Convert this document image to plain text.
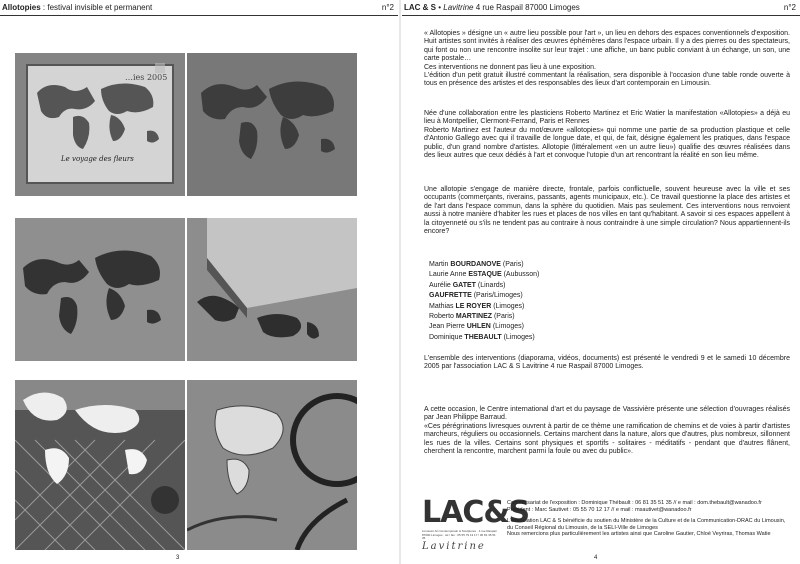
Allotopies : festival invisible et permanent	n°2
…ies 2005
Le voyage des fleurs
3
LAC & S • Lavitrine 4 rue Raspail 87000 Limoges	n°2

« Allotopies » désigne un « autre lieu possible pour l'art », un lieu en dehors des espaces conventionnels d'exposition. Huit artistes sont invités à réaliser des œuvres éphémères dans l'espace urbain. Il y a des pierres ou des spectateurs, qui font ou non une rencontre insolite sur leur trajet : une affiche, un banc public conviant à un échange, un son, une carte postale…

Ces interventions ne donnent pas lieu à une exposition.

L'édition d'un petit gratuit illustré commentant la réalisation, sera disponible à l'occasion d'une table ronde ouverte à tous en présence des artistes et des responsables des lieux d'art contemporain en Limousin.

Née d'une collaboration entre les plasticiens Roberto Martinez et Eric Watier la manifestation «Allotopies» a déjà eu lieu à Montpellier, Clermont-Ferrand, Paris et Rennes

Roberto Martinez est l'auteur du mot/œuvre «allotopies» qui nomme une partie de sa production plastique et celle d'Antonio Gallego avec qui il travaille de longue date, et qui, de fait, désigne également les pratiques, dans l'espace public, d'un grand nombre d'artistes. Allotopie (littéralement «en un autre lieu») qualifie des œuvres réalisées dans des lieux autres que ceux dédiés à l'art et convoque l'utopie d'un art rencontrant la réalité en son lieu même.

Une allotopie s'engage de manière directe, frontale, parfois conflictuelle, souvent heureuse avec la ville et ses occupants (commerçants, riverains, passants, agents municipaux, etc.). Ce travail questionne la place des artistes et de l'art dans l'espace commun, dans la sphère du quotidien. Mais pas seulement. Ces interventions nous renvoient aussi à notre manière d'habiter les rues et places de nos villes en tant qu'habitant. A savoir si ces espaces appellent à la citoyenneté ou s'ils ne tendent pas au contraire à nous contraindre à une simple circulation? Nous appartiennent-ils encore?

Martin BOURDANOVE (Paris)
Laurie Anne ESTAQUE (Aubusson)
Aurélie GATET (Linards)
GAUFRETTE (Paris/Limoges)
Mathias LE ROYER (Limoges)
Roberto MARTINEZ (Paris)
Jean Pierre UHLEN (Limoges)
Dominique THEBAULT (Limoges)

L'ensemble des interventions (diaporama, vidéos, documents) est présenté le vendredi 9 et le samedi 10 décembre 2005 par l'association LAC & S Lavitrine 4 rue Raspail 87000 Limoges.

A cette occasion, le Centre international d'art et du paysage de Vassivière présente une sélection d'ouvrages réalisés par Jean Philippe Barraud.

«Ces pérégrinations livresques ouvrent à partir de ce thème une ramification de chemins et de voies à partir d'artistes marcheurs, réguliers ou occasionnels. Certains marchent dans la nature, alors que d'autres, plus nombreux, sillonnent les rues de la villes. Certains sont physiques et sportifs - solitaires - méditatifs - pendant que d'autres flânent, cherchent la rencontre, marchent parmi la foule ou avec du public».

LAC&S
Limousin Art Contemporain & Sculptures · 4 rue Raspail 87000 Limoges · tel / fax : 05 55 79 13 17 / 06 81 35 51 35
Lavitrine
Commissariat de l'exposition : Dominique Thébault : 06 81 35 51 35 // e mail : dom.thebault@wanadoo.fr
Président : Marc Sautivet : 05 55 70 12 17 // e mail : msautivet@wanadoo.fr
L'association LAC & S bénéficie du soutien du Ministère de la Culture et de la Communication-DRAC du Limousin, du Conseil Régional du Limousin, de la SELI-Ville de Limoges
Nous remercions plus particulièrement les artistes ainsi que Caroline Gautier, Chloé Veyriras, Thomas Watie
4
